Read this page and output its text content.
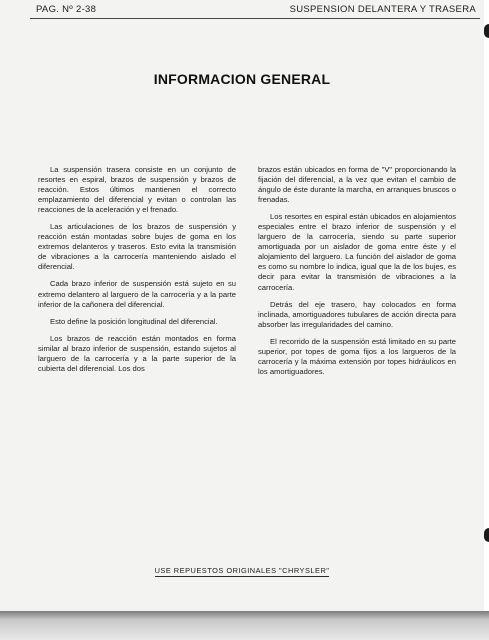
PAG. Nº 2-38	SUSPENSION DELANTERA Y TRASERA
INFORMACION GENERAL

La suspensión trasera consiste en un conjunto de resortes en espiral, brazos de suspensión y brazos de reacción. Estos últimos mantienen el correcto emplazamiento del diferencial y evitan o controlan las reacciones de la aceleración y el frenado.

Las articulaciones de los brazos de suspensión y reacción están montadas sobre bujes de goma en los extremos delanteros y traseros. Esto evita la transmisión de vibraciones a la carrocería manteniendo aislado el diferencial.

Cada brazo inferior de suspensión está sujeto en su extremo delantero al larguero de la carrocería y a la parte inferior de la cañonera del diferencial.

Esto define la posición longitudinal del diferencial.

Los brazos de reacción están montados en forma similar al brazo inferior de suspensión, estando sujetos al larguero de la carrocería y a la parte superior de la cubierta del diferencial. Los dos

brazos están ubicados en forma de "V" proporcionando la fijación del diferencial, a la vez que evitan el cambio de ángulo de éste durante la marcha, en arranques bruscos o frenadas.

Los resortes en espiral están ubicados en alojamientos especiales entre el brazo inferior de suspensión y el larguero de la carrocería, siendo su parte superior amortiguada por un aislador de goma entre éste y el alojamiento del larguero. La función del aislador de goma es como su nombre lo indica, igual que la de los bujes, es decir para evitar la transmisión de vibraciones a la carrocería.

Detrás del eje trasero, hay colocados en forma inclinada, amortiguadores tubulares de acción directa para absorber las irregularidades del camino.

El recorrido de la suspensión está limitado en su parte superior, por topes de goma fijos a los largueros de la carrocería y la máxima extensión por topes hidráulicos en los amortiguadores.

USE REPUESTOS ORIGINALES "CHRYSLER"
